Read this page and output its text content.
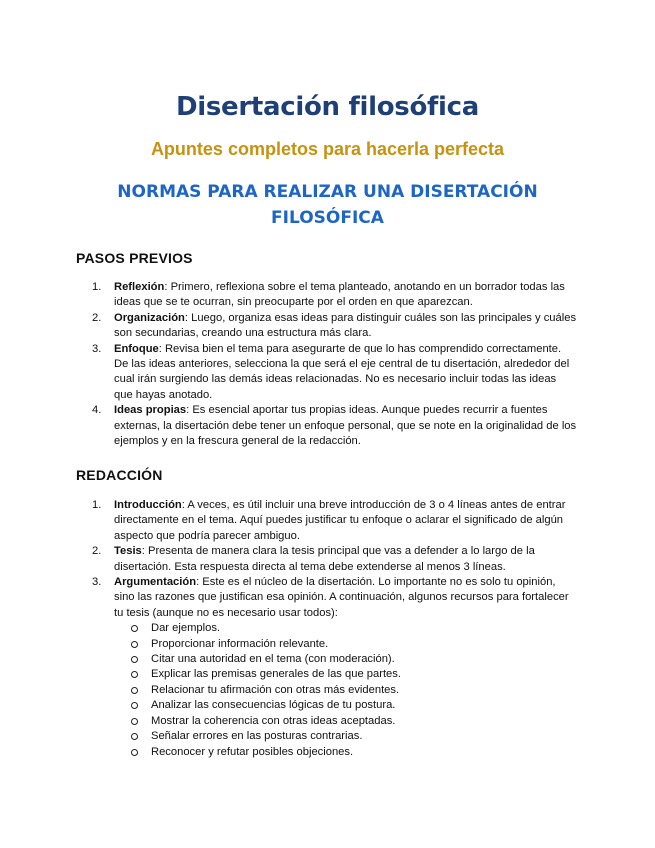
Disertación filosófica
Apuntes completos para hacerla perfecta
NORMAS PARA REALIZAR UNA DISERTACIÓN FILOSÓFICA
PASOS PREVIOS
1. Reflexión: Primero, reflexiona sobre el tema planteado, anotando en un borrador todas las ideas que se te ocurran, sin preocuparte por el orden en que aparezcan.
2. Organización: Luego, organiza esas ideas para distinguir cuáles son las principales y cuáles son secundarias, creando una estructura más clara.
3. Enfoque: Revisa bien el tema para asegurarte de que lo has comprendido correctamente. De las ideas anteriores, selecciona la que será el eje central de tu disertación, alrededor del cual irán surgiendo las demás ideas relacionadas. No es necesario incluir todas las ideas que hayas anotado.
4. Ideas propias: Es esencial aportar tus propias ideas. Aunque puedes recurrir a fuentes externas, la disertación debe tener un enfoque personal, que se note en la originalidad de los ejemplos y en la frescura general de la redacción.
REDACCIÓN
1. Introducción: A veces, es útil incluir una breve introducción de 3 o 4 líneas antes de entrar directamente en el tema. Aquí puedes justificar tu enfoque o aclarar el significado de algún aspecto que podría parecer ambiguo.
2. Tesis: Presenta de manera clara la tesis principal que vas a defender a lo largo de la disertación. Esta respuesta directa al tema debe extenderse al menos 3 líneas.
3. Argumentación: Este es el núcleo de la disertación. Lo importante no es solo tu opinión, sino las razones que justifican esa opinión. A continuación, algunos recursos para fortalecer tu tesis (aunque no es necesario usar todos):
Dar ejemplos.
Proporcionar información relevante.
Citar una autoridad en el tema (con moderación).
Explicar las premisas generales de las que partes.
Relacionar tu afirmación con otras más evidentes.
Analizar las consecuencias lógicas de tu postura.
Mostrar la coherencia con otras ideas aceptadas.
Señalar errores en las posturas contrarias.
Reconocer y refutar posibles objeciones.
